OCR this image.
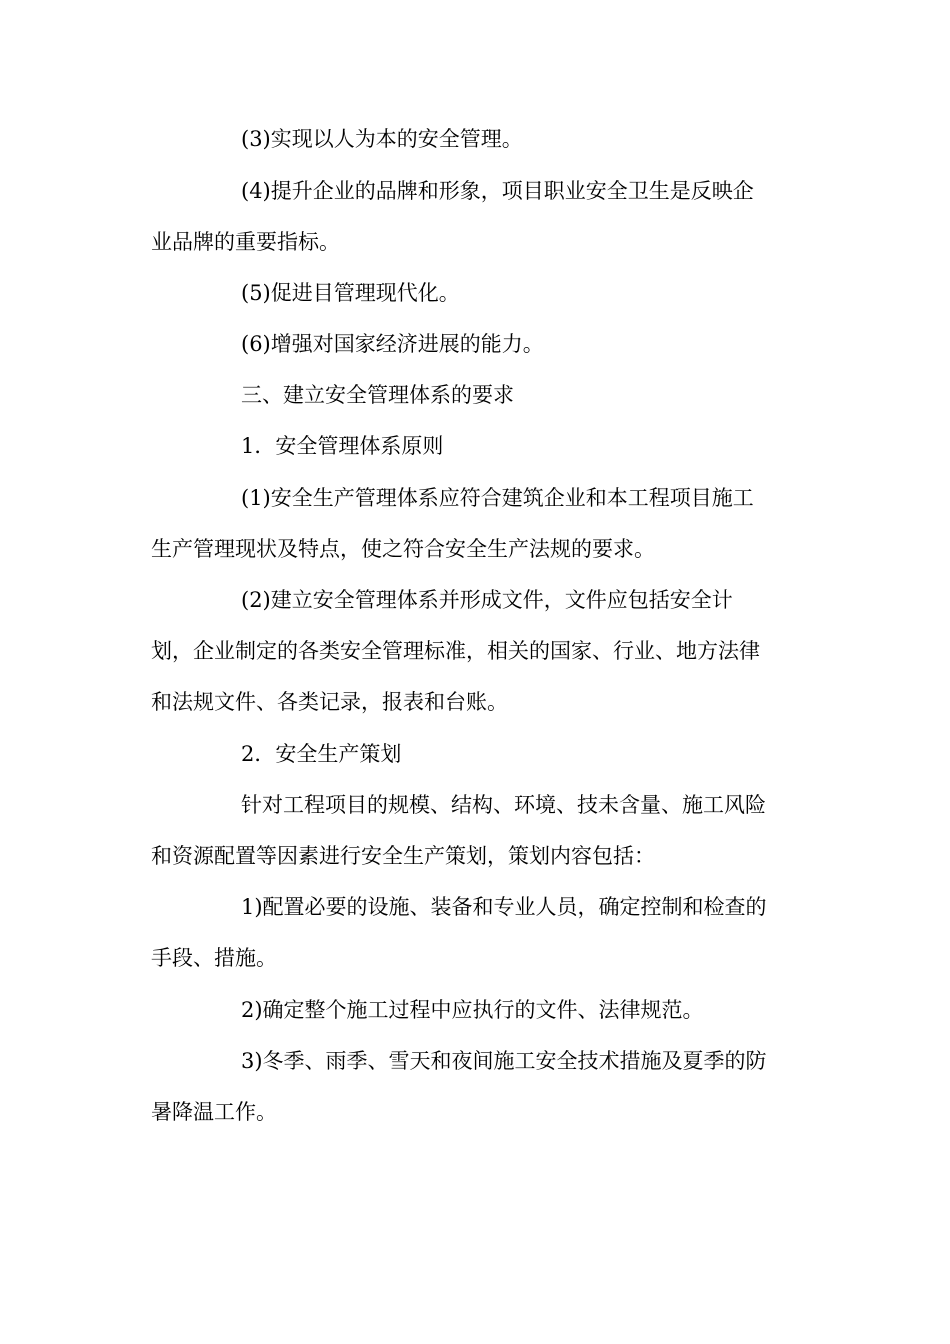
(3)实现以人为本的安全管理。

(4)提升企业的品牌和形象，项目职业安全卫生是反映企

业品牌的重要指标。

(5)促进目管理现代化。

(6)增强对国家经济进展的能力。

三、建立安全管理体系的要求

1．安全管理体系原则

(1)安全生产管理体系应符合建筑企业和本工程项目施工

生产管理现状及特点，使之符合安全生产法规的要求。

(2)建立安全管理体系并形成文件，文件应包括安全计

划，企业制定的各类安全管理标准，相关的国家、行业、地方法律

和法规文件、各类记录，报表和台账。

2．安全生产策划

针对工程项目的规模、结构、环境、技未含量、施工风险

和资源配置等因素进行安全生产策划，策划内容包括：

1)配置必要的设施、装备和专业人员，确定控制和检查的

手段、措施。

2)确定整个施工过程中应执行的文件、法律规范。

3)冬季、雨季、雪天和夜间施工安全技术措施及夏季的防

暑降温工作。
